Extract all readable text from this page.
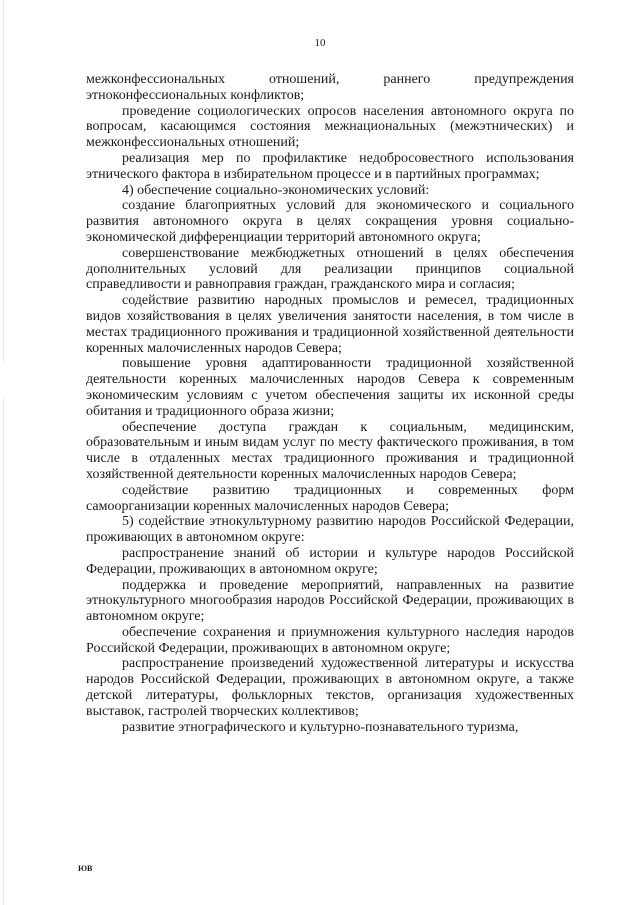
10

межконфессиональных отношений, раннего предупреждения этноконфессиональных конфликтов;

проведение социологических опросов населения автономного округа по вопросам, касающимся состояния межнациональных (межэтнических) и межконфессиональных отношений;

реализация мер по профилактике недобросовестного использования этнического фактора в избирательном процессе и в партийных программах;

4) обеспечение социально-экономических условий:

создание благоприятных условий для экономического и социального развития автономного округа в целях сокращения уровня социально-экономической дифференциации территорий автономного округа;

совершенствование межбюджетных отношений в целях обеспечения дополнительных условий для реализации принципов социальной справедливости и равноправия граждан, гражданского мира и согласия;

содействие развитию народных промыслов и ремесел, традиционных видов хозяйствования в целях увеличения занятости населения, в том числе в местах традиционного проживания и традиционной хозяйственной деятельности коренных малочисленных народов Севера;

повышение уровня адаптированности традиционной хозяйственной деятельности коренных малочисленных народов Севера к современным экономическим условиям с учетом обеспечения защиты их исконной среды обитания и традиционного образа жизни;

обеспечение доступа граждан к социальным, медицинским, образовательным и иным видам услуг по месту фактического проживания, в том числе в отдаленных местах традиционного проживания и традиционной хозяйственной деятельности коренных малочисленных народов Севера;

содействие развитию традиционных и современных форм самоорганизации коренных малочисленных народов Севера;

5) содействие этнокультурному развитию народов Российской Федерации, проживающих в автономном округе:

распространение знаний об истории и культуре народов Российской Федерации, проживающих в автономном округе;

поддержка и проведение мероприятий, направленных на развитие этнокультурного многообразия народов Российской Федерации, проживающих в автономном округе;

обеспечение сохранения и приумножения культурного наследия народов Российской Федерации, проживающих в автономном округе;

распространение произведений художественной литературы и искусства народов Российской Федерации, проживающих в автономном округе, а также детской литературы, фольклорных текстов, организация художественных выставок, гастролей творческих коллективов;

развитие этнографического и культурно-познавательного туризма,

ЮВ
